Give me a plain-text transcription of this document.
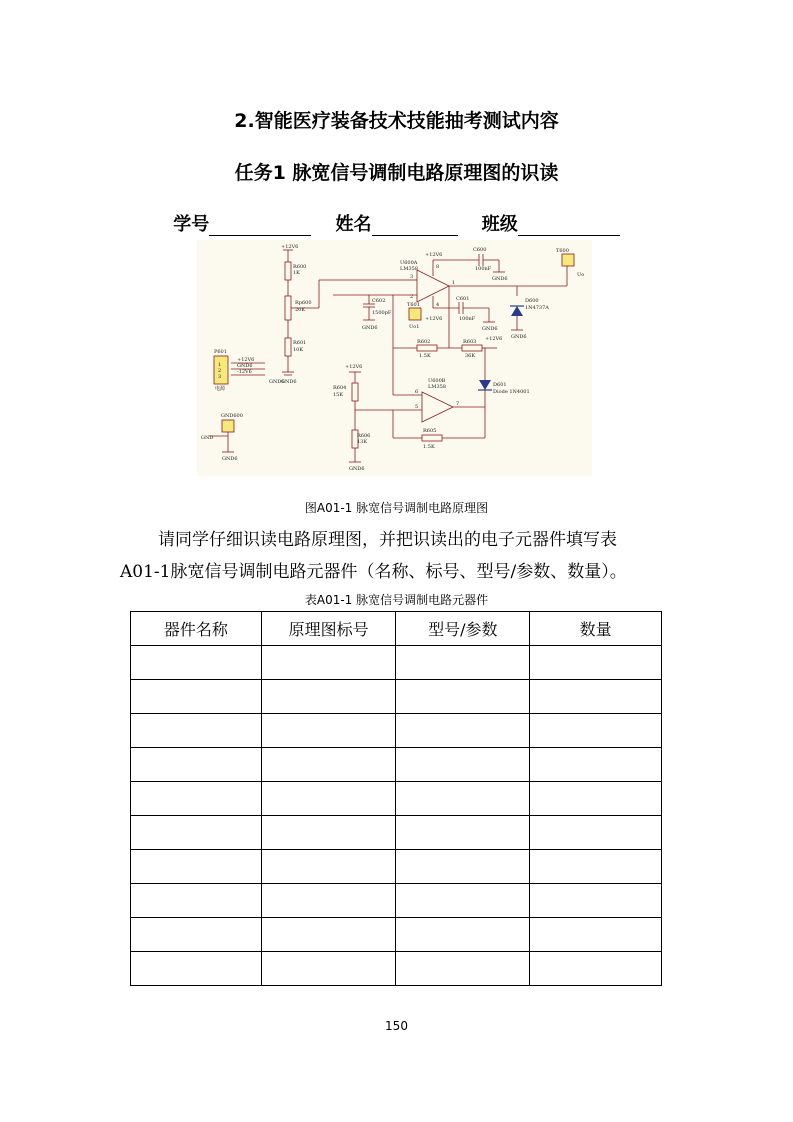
2.智能医疗装备技术技能抽考测试内容
任务1 脉宽信号调制电路原理图的识读
学号	姓名	班级
+12V6
R600
1K
Rp600
20K
R601
10K
GND6
U600A
LM358
+12V6
C600
100nF
GND6
C601
100nF
GND6
C602
1500pF
GND6
+12V6
T601
Uo1
T600
Uo
D600
1N4737A
GND6
R602
1.5K
R603
36K
+12V6
U600B
LM358	D601
Diode 1N4001
+12V6
R604
15K
R606
13K
GND6
R605
1.5K
3
2
1
8
4
6
5	7
P601
1
2
3
+12V6
GND6
-12V6
电源
GND6
GND600
GND
GND6
图A01-1 脉宽信号调制电路原理图
请同学仔细识读电路原理图，并把识读出的电子元器件填写表
A01-1脉宽信号调制电路元器件（名称、标号、型号/参数、数量）。
表A01-1 脉宽信号调制电路元器件
器件名称	原理图标号	型号/参数	数量

150
